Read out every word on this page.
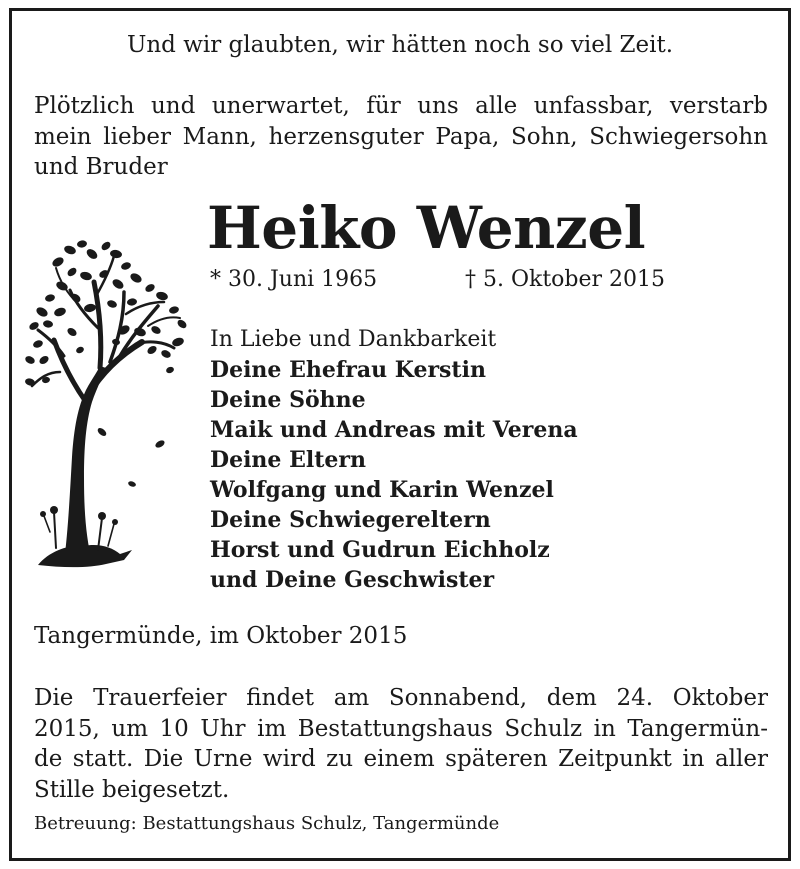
Und wir glaubten, wir hätten noch so viel Zeit.

Plötzlich und unerwartet, für uns alle unfassbar, verstarb
mein lieber Mann, herzensguter Papa, Sohn, Schwiegersohn
und Bruder

Heiko Wenzel

* 30. Juni 1965	† 5. Oktober 2015

In Liebe und Dankbarkeit
Deine Ehefrau Kerstin
Deine Söhne
Maik und Andreas mit Verena
Deine Eltern
Wolfgang und Karin Wenzel
Deine Schwiegereltern
Horst und Gudrun Eichholz
und Deine Geschwister

Tangermünde, im Oktober 2015

Die Trauerfeier findet am Sonnabend, dem 24. Oktober
2015, um 10 Uhr im Bestattungshaus Schulz in Tangermün-
de statt. Die Urne wird zu einem späteren Zeitpunkt in aller
Stille beigesetzt.

Betreuung: Bestattungshaus Schulz, Tangermünde
